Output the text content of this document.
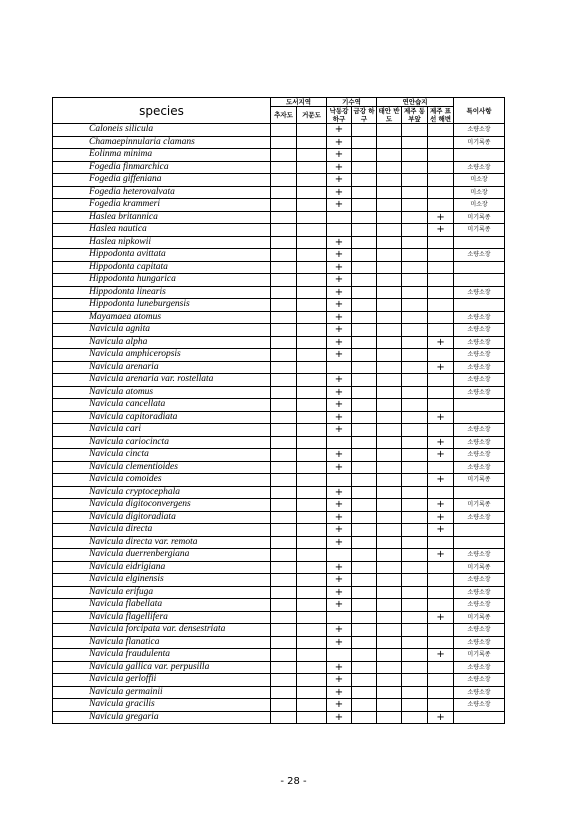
species	도서지역		기수역		연안습지			특이사항
	추자도	거문도	낙동강 하구	금강 하구	태안 반도	제주 동부앞	제주 표선 해변	
Caloneis silicula			+					소량소장
Chamaepinnularia clamans			+					미기록종
Eolinma minima			+					
Fogedia finmarchica			+					소량소장
Fogedia giffeniana			+					미소장
Fogedia heterovalvata			+					미소장
Fogedia krammeri			+					미소장
Haslea britannica							+	미기록종
Haslea nautica							+	미기록종
Haslea nipkowii			+					
Hippodonta avittata			+					소량소장
Hippodonta capitata			+					
Hippodonta hungarica			+					
Hippodonta linearis			+					소량소장
Hippodonta luneburgensis			+					
Mayamaea atomus			+					소량소장
Navicula agnita			+					소량소장
Navicula alpha			+				+	소량소장
Navicula amphiceropsis			+					소량소장
Navicula arenaria							+	소량소장
Navicula arenaria var. rostellata			+					소량소장
Navicula atomus			+					소량소장
Navicula cancellata			+					
Navicula capitoradiata			+				+	
Navicula cari			+					소량소장
Navicula cariocincta							+	소량소장
Navicula cincta			+				+	소량소장
Navicula clementioides			+					소량소장
Navicula comoides							+	미기록종
Navicula cryptocephala			+					
Navicula digitoconvergens			+				+	미기록종
Navicula digitoradiata			+				+	소량소장
Navicula directa			+				+	
Navicula directa var. remota			+					
Navicula duerrenbergiana							+	소량소장
Navicula eidrigiana			+					미기록종
Navicula elginensis			+					소량소장
Navicula erifuga			+					소량소장
Navicula flabellata			+					소량소장
Navicula flagellifera							+	미기록종
Navicula forcipata var. densestriata			+					소량소장
Navicula flanatica			+					소량소장
Navicula fraudulenta							+	미기록종
Navicula gallica var. perpusilla			+					소량소장
Navicula gerloffii			+					소량소장
Navicula germainii			+					소량소장
Navicula gracilis			+					소량소장
Navicula gregaria			+				+	
- 28 -
